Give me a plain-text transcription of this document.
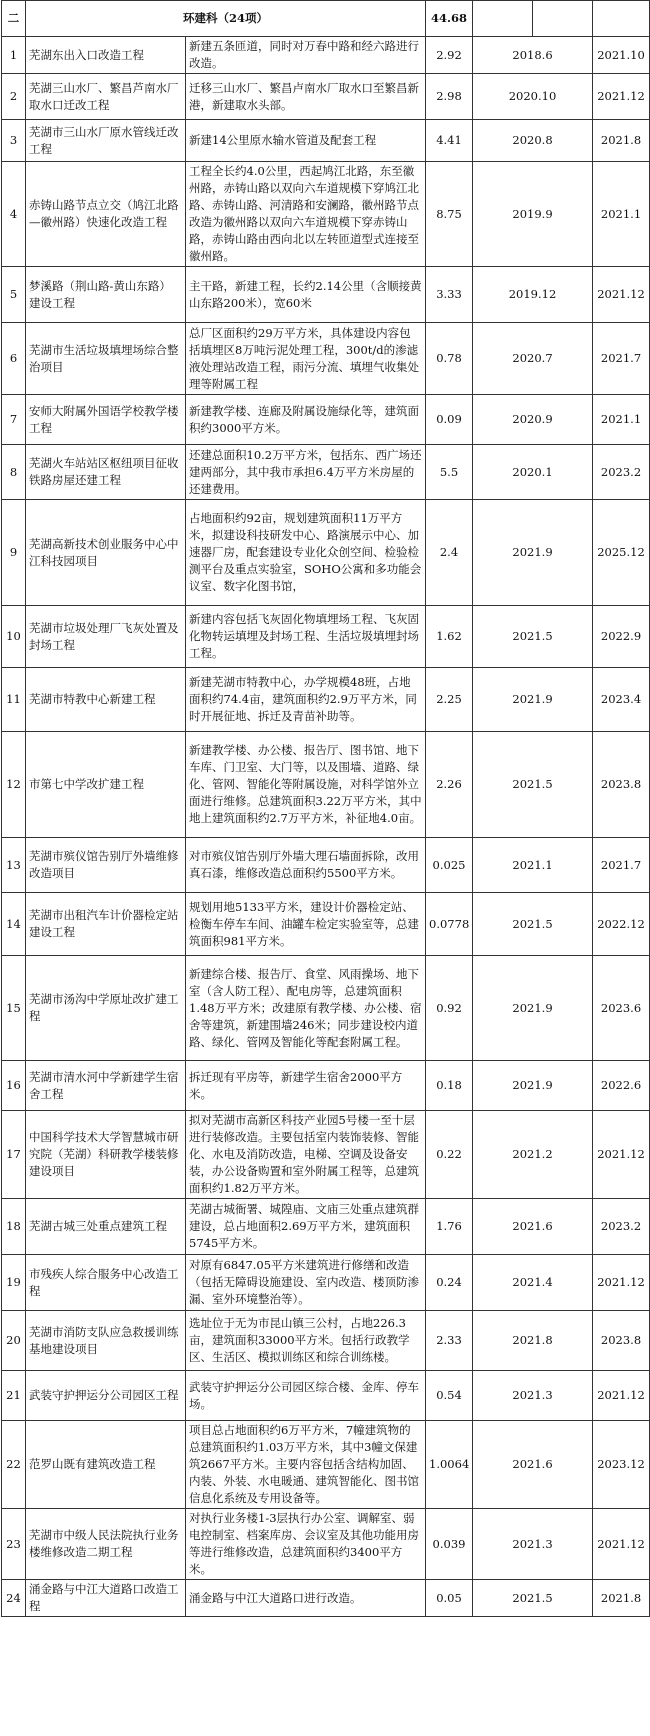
二	环建科（24项）		44.68			
1	芜湖东出入口改造工程	新建五条匝道，同时对万春中路和经六路进行改造。	2.92	2018.6		2021.10
2	芜湖三山水厂、繁昌芦南水厂取水口迁改工程	迁移三山水厂、繁昌卢南水厂取水口至繁昌新港，新建取水头部。	2.98	2020.10		2021.12
3	芜湖市三山水厂原水管线迁改工程	新建14公里原水输水管道及配套工程	4.41	2020.8		2021.8
4	赤铸山路节点立交（鸠江北路—徽州路）快速化改造工程	工程全长约4.0公里，西起鸠江北路，东至徽州路，赤铸山路以双向六车道规模下穿鸠江北路、赤铸山路、河清路和安澜路，徽州路节点改造为徽州路以双向六车道规模下穿赤铸山路，赤铸山路由西向北以左转匝道型式连接至徽州路。	8.75	2019.9		2021.1
5	梦溪路（荆山路-黄山东路）建设工程	主干路，新建工程，长约2.14公里（含顺接黄山东路200米），宽60米	3.33	2019.12		2021.12
6	芜湖市生活垃圾填埋场综合整治项目	总厂区面积约29万平方米，具体建设内容包括填埋区8万吨污泥处理工程，300t/d的渗滤液处理站改造工程，雨污分流、填埋气收集处理等附属工程	0.78	2020.7		2021.7
7	安师大附属外国语学校教学楼工程	新建教学楼、连廊及附属设施绿化等，建筑面积约3000平方米。	0.09	2020.9		2021.1
8	芜湖火车站站区枢纽项目征收铁路房屋还建工程	还建总面积10.2万平方米，包括东、西广场还建两部分，其中我市承担6.4万平方米房屋的还建费用。	5.5	2020.1		2023.2
9	芜湖高新技术创业服务中心中江科技园项目	占地面积约92亩，规划建筑面积11万平方米，拟建设科技研发中心、路演展示中心、加速器厂房，配套建设专业化众创空间、检验检测平台及重点实验室，SOHO公寓和多功能会议室、数字化图书馆，	2.4	2021.9		2025.12
10	芜湖市垃圾处理厂飞灰处置及封场工程	新建内容包括飞灰固化物填埋场工程、飞灰固化物转运填埋及封场工程、生活垃圾填埋封场工程。	1.62	2021.5		2022.9
11	芜湖市特教中心新建工程	新建芜湖市特教中心，办学规模48班，占地面积约74.4亩，建筑面积约2.9万平方米，同时开展征地、拆迁及青苗补助等。	2.25	2021.9		2023.4
12	市第七中学改扩建工程	新建教学楼、办公楼、报告厅、图书馆、地下车库、门卫室、大门等，以及围墙、道路、绿化、管网、智能化等附属设施，对科学馆外立面进行维修。总建筑面积3.22万平方米，其中地上建筑面积约2.7万平方米，补征地4.0亩。	2.26	2021.5		2023.8
13	芜湖市殡仪馆告别厅外墙维修改造项目	对市殡仪馆告别厅外墙大理石墙面拆除，改用真石漆，维修改造总面积约5500平方米。	0.025	2021.1		2021.7
14	芜湖市出租汽车计价器检定站建设工程	规划用地5133平方米，建设计价器检定站、检衡车停车车间、油罐车检定实验室等，总建筑面积981平方米。	0.0778	2021.5		2022.12
15	芜湖市汤沟中学原址改扩建工程	新建综合楼、报告厅、食堂、风雨操场、地下室（含人防工程）、配电房等，总建筑面积1.48万平方米；改建原有教学楼、办公楼、宿舍等建筑，新建围墙246米；同步建设校内道路、绿化、管网及智能化等配套附属工程。	0.92	2021.9		2023.6
16	芜湖市清水河中学新建学生宿舍工程	拆迁现有平房等，新建学生宿舍2000平方米。	0.18	2021.9		2022.6
17	中国科学技术大学智慧城市研究院（芜湖）科研教学楼装修建设项目	拟对芜湖市高新区科技产业园5号楼一至十层进行装修改造。主要包括室内装饰装修、智能化、水电及消防改造，电梯、空调及设备安装，办公设备购置和室外附属工程等，总建筑面积约1.82万平方米。	0.22	2021.2		2021.12
18	芜湖古城三处重点建筑工程	芜湖古城衙署、城隍庙、文庙三处重点建筑群建设，总占地面积2.69万平方米，建筑面积5745平方米。	1.76	2021.6		2023.2
19	市残疾人综合服务中心改造工程	对原有6847.05平方米建筑进行修缮和改造（包括无障碍设施建设、室内改造、楼顶防渗漏、室外环境整治等）。	0.24	2021.4		2021.12
20	芜湖市消防支队应急救援训练基地建设项目	选址位于无为市昆山镇三公村，占地226.3亩，建筑面积33000平方米。包括行政教学区、生活区、模拟训练区和综合训练楼。	2.33	2021.8		2023.8
21	武装守护押运分公司园区工程	武装守护押运分公司园区综合楼、金库、停车场。	0.54	2021.3		2021.12
22	范罗山既有建筑改造工程	项目总占地面积约6万平方米，7幢建筑物的总建筑面积约1.03万平方米，其中3幢文保建筑2667平方米。主要内容包括含结构加固、内装、外装、水电暖通、建筑智能化、图书馆信息化系统及专用设备等。	1.0064	2021.6		2023.12
23	芜湖市中级人民法院执行业务楼维修改造二期工程	对执行业务楼1-3层执行办公室、调解室、弱电控制室、档案库房、会议室及其他功能用房等进行维修改造，总建筑面积约3400平方米。	0.039	2021.3		2021.12
24	涌金路与中江大道路口改造工程	涌金路与中江大道路口进行改造。	0.05	2021.5		2021.8
